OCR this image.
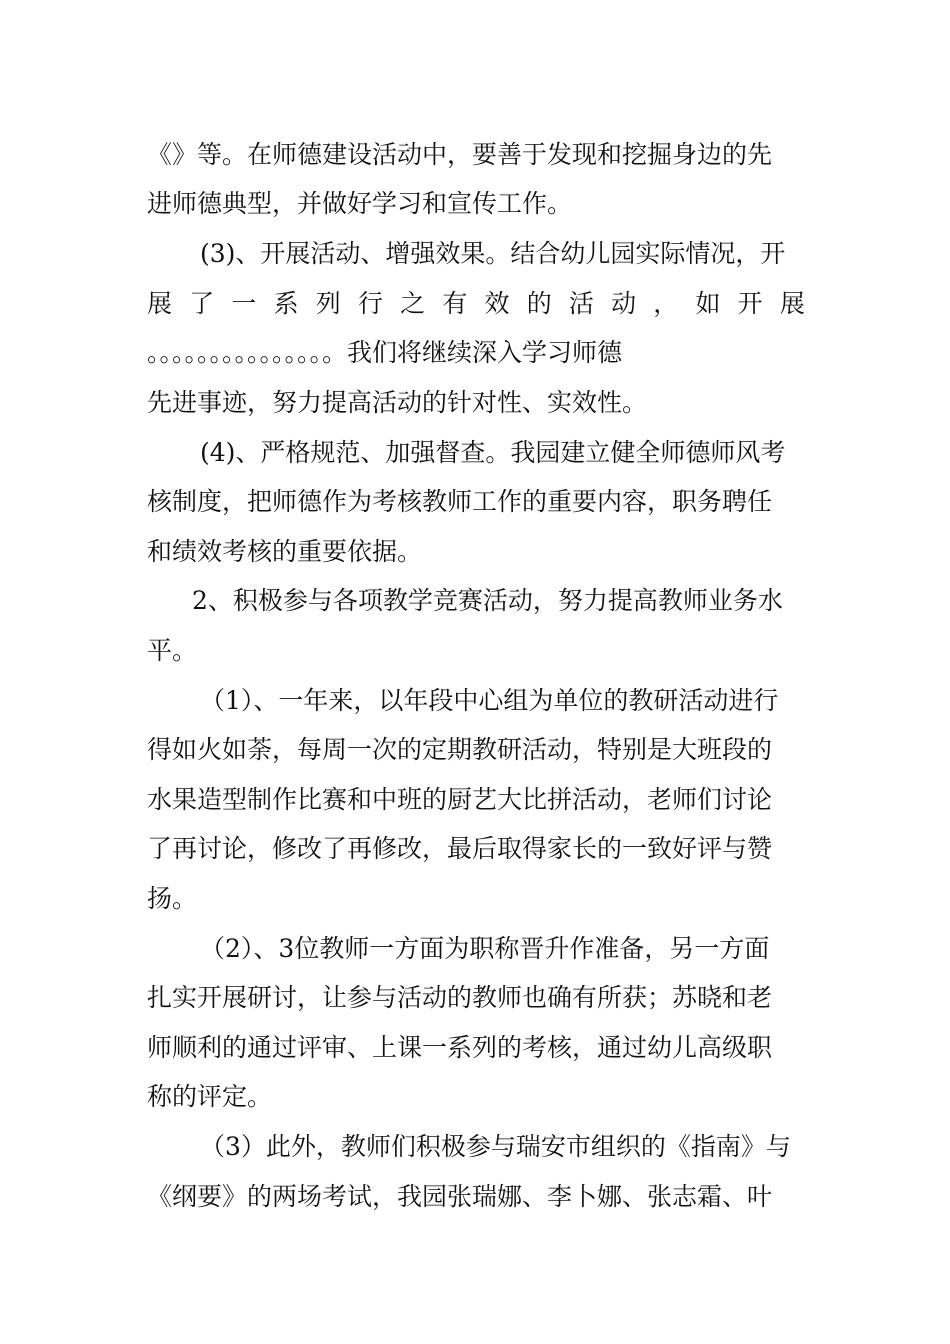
《》等。在师德建设活动中，要善于发现和挖掘身边的先
进师德典型，并做好学习和宣传工作。
(3)、开展活动、增强效果。结合幼儿园实际情况，开
展 了 一 系 列 行 之 有 效 的 活 动 ， 如 开 展
。。。。。。。。。。。。。。。我们将继续深入学习师德
先进事迹，努力提高活动的针对性、实效性。
(4)、严格规范、加强督查。我园建立健全师德师风考
核制度，把师德作为考核教师工作的重要内容，职务聘任
和绩效考核的重要依据。
2、积极参与各项教学竞赛活动，努力提高教师业务水
平。
（1）、一年来，以年段中心组为单位的教研活动进行
得如火如荼，每周一次的定期教研活动，特别是大班段的
水果造型制作比赛和中班的厨艺大比拼活动，老师们讨论
了再讨论，修改了再修改，最后取得家长的一致好评与赞
扬。
（2）、3位教师一方面为职称晋升作准备，另一方面
扎实开展研讨，让参与活动的教师也确有所获；苏晓和老
师顺利的通过评审、上课一系列的考核，通过幼儿高级职
称的评定。
（3）此外，教师们积极参与瑞安市组织的《指南》与
《纲要》的两场考试，我园张瑞娜、李卜娜、张志霜、叶
